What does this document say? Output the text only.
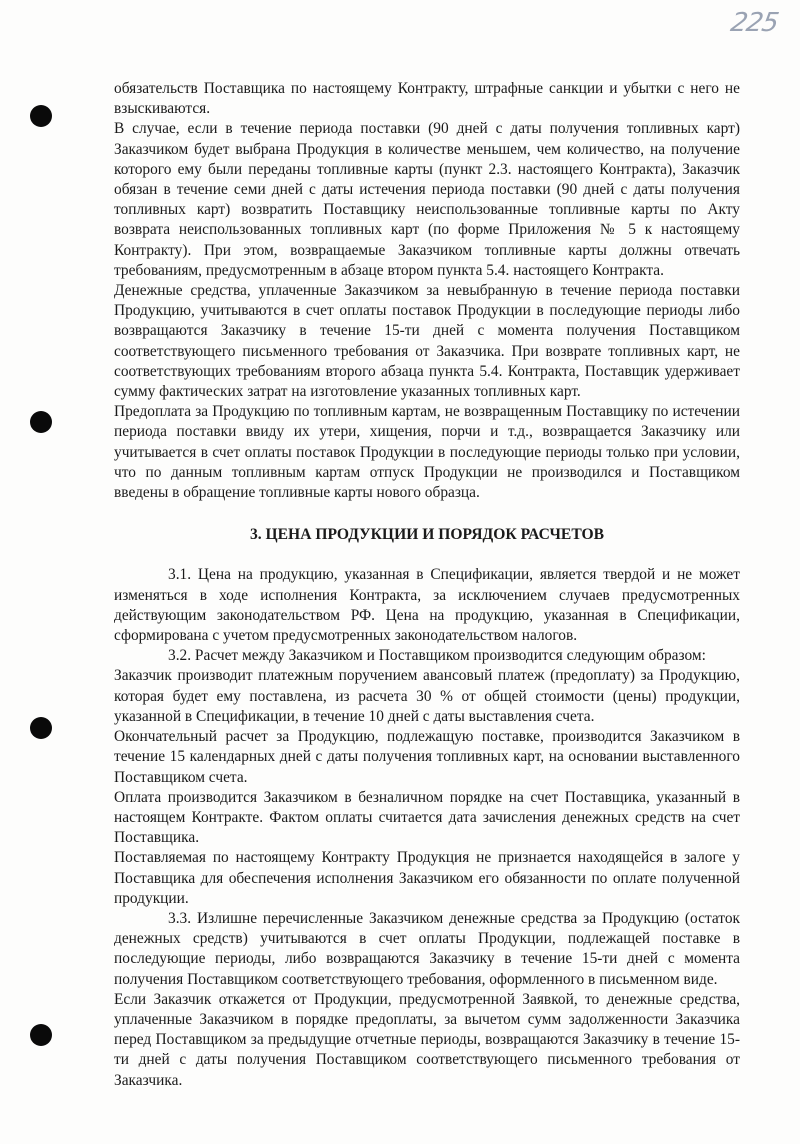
225

обязательств Поставщика по настоящему Контракту, штрафные санкции и убытки с него не взыскиваются.

В случае, если в течение периода поставки (90 дней с даты получения топливных карт) Заказчиком будет выбрана Продукция в количестве меньшем, чем количество, на получение которого ему были переданы топливные карты (пункт 2.3. настоящего Контракта), Заказчик обязан в течение семи дней с даты истечения периода поставки (90 дней с даты получения топливных карт) возвратить Поставщику неиспользованные топливные карты по Акту возврата неиспользованных топливных карт (по форме Приложения № 5 к настоящему Контракту). При этом, возвращаемые Заказчиком топливные карты должны отвечать требованиям, предусмотренным в абзаце втором пункта 5.4. настоящего Контракта.

Денежные средства, уплаченные Заказчиком за невыбранную в течение периода поставки Продукцию, учитываются в счет оплаты поставок Продукции в последующие периоды либо возвращаются Заказчику в течение 15-ти дней с момента получения Поставщиком соответствующего письменного требования от Заказчика. При возврате топливных карт, не соответствующих требованиям второго абзаца пункта 5.4. Контракта, Поставщик удерживает сумму фактических затрат на изготовление указанных топливных карт.

Предоплата за Продукцию по топливным картам, не возвращенным Поставщику по истечении периода поставки ввиду их утери, хищения, порчи и т.д., возвращается Заказчику или учитывается в счет оплаты поставок Продукции в последующие периоды только при условии, что по данным топливным картам отпуск Продукции не производился и Поставщиком введены в обращение топливные карты нового образца.

3. ЦЕНА ПРОДУКЦИИ И ПОРЯДОК РАСЧЕТОВ

3.1. Цена на продукцию, указанная в Спецификации, является твердой и не может изменяться в ходе исполнения Контракта, за исключением случаев предусмотренных действующим законодательством РФ. Цена на продукцию, указанная в Спецификации, сформирована с учетом предусмотренных законодательством налогов.

3.2. Расчет между Заказчиком и Поставщиком производится следующим образом:

Заказчик производит платежным поручением авансовый платеж (предоплату) за Продукцию, которая будет ему поставлена, из расчета 30 % от общей стоимости (цены) продукции, указанной в Спецификации, в течение 10 дней с даты выставления счета.

Окончательный расчет за Продукцию, подлежащую поставке, производится Заказчиком в течение 15 календарных дней с даты получения топливных карт, на основании выставленного Поставщиком счета.

Оплата производится Заказчиком в безналичном порядке на счет Поставщика, указанный в настоящем Контракте. Фактом оплаты считается дата зачисления денежных средств на счет Поставщика.

Поставляемая по настоящему Контракту Продукция не признается находящейся в залоге у Поставщика для обеспечения исполнения Заказчиком его обязанности по оплате полученной продукции.

3.3. Излишне перечисленные Заказчиком денежные средства за Продукцию (остаток денежных средств) учитываются в счет оплаты Продукции, подлежащей поставке в последующие периоды, либо возвращаются Заказчику в течение 15-ти дней с момента получения Поставщиком соответствующего требования, оформленного в письменном виде.

Если Заказчик откажется от Продукции, предусмотренной Заявкой, то денежные средства, уплаченные Заказчиком в порядке предоплаты, за вычетом сумм задолженности Заказчика перед Поставщиком за предыдущие отчетные периоды, возвращаются Заказчику в течение 15-ти дней с даты получения Поставщиком соответствующего письменного требования от Заказчика.
